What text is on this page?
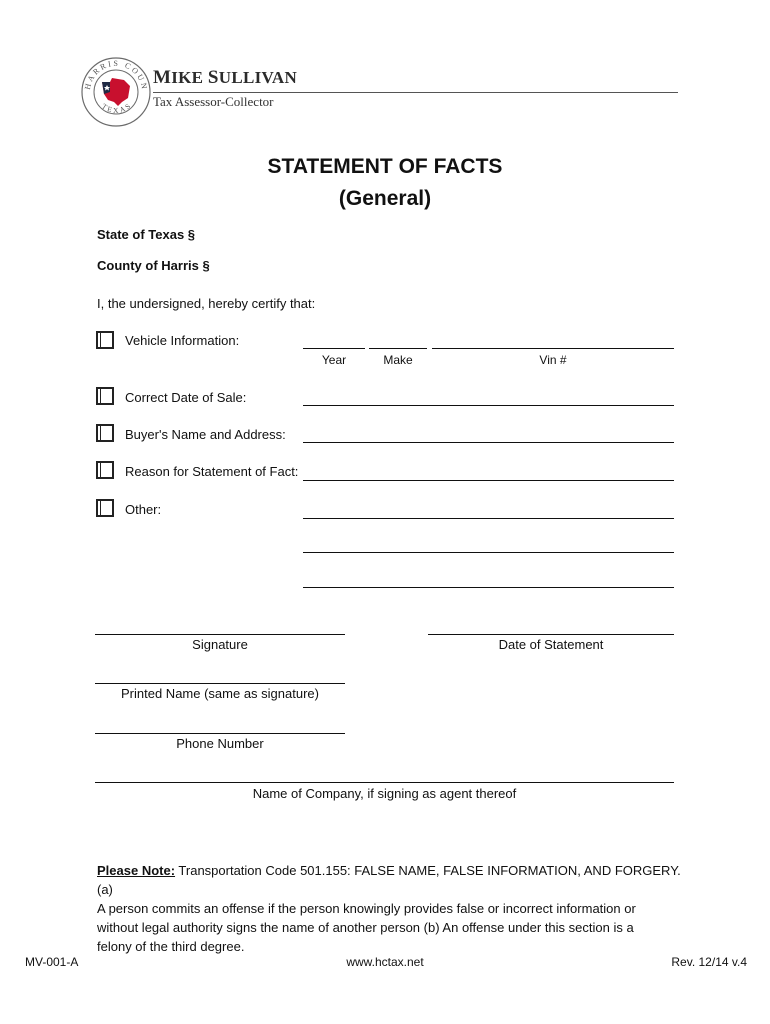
HARRIS COUN
TEXAS
MIKE SULLIVAN
Tax Assessor-Collector
STATEMENT OF FACTS
(General)
State of Texas §
County of Harris §
I, the undersigned, hereby certify that:
Vehicle Information:
Year	Make	Vin #
Correct Date of Sale:
Buyer's Name and Address:
Reason for Statement of Fact:
Other:
Signature	Date of Statement
Printed Name (same as signature)
Phone Number
Name of Company, if signing as agent thereof
Please Note: Transportation Code 501.155: FALSE NAME, FALSE INFORMATION, AND FORGERY. (a)
A person commits an offense if the person knowingly provides false or incorrect information or
without legal authority signs the name of another person (b) An offense under this section is a
felony of the third degree.
MV-001-A	www.hctax.net	Rev. 12/14 v.4
